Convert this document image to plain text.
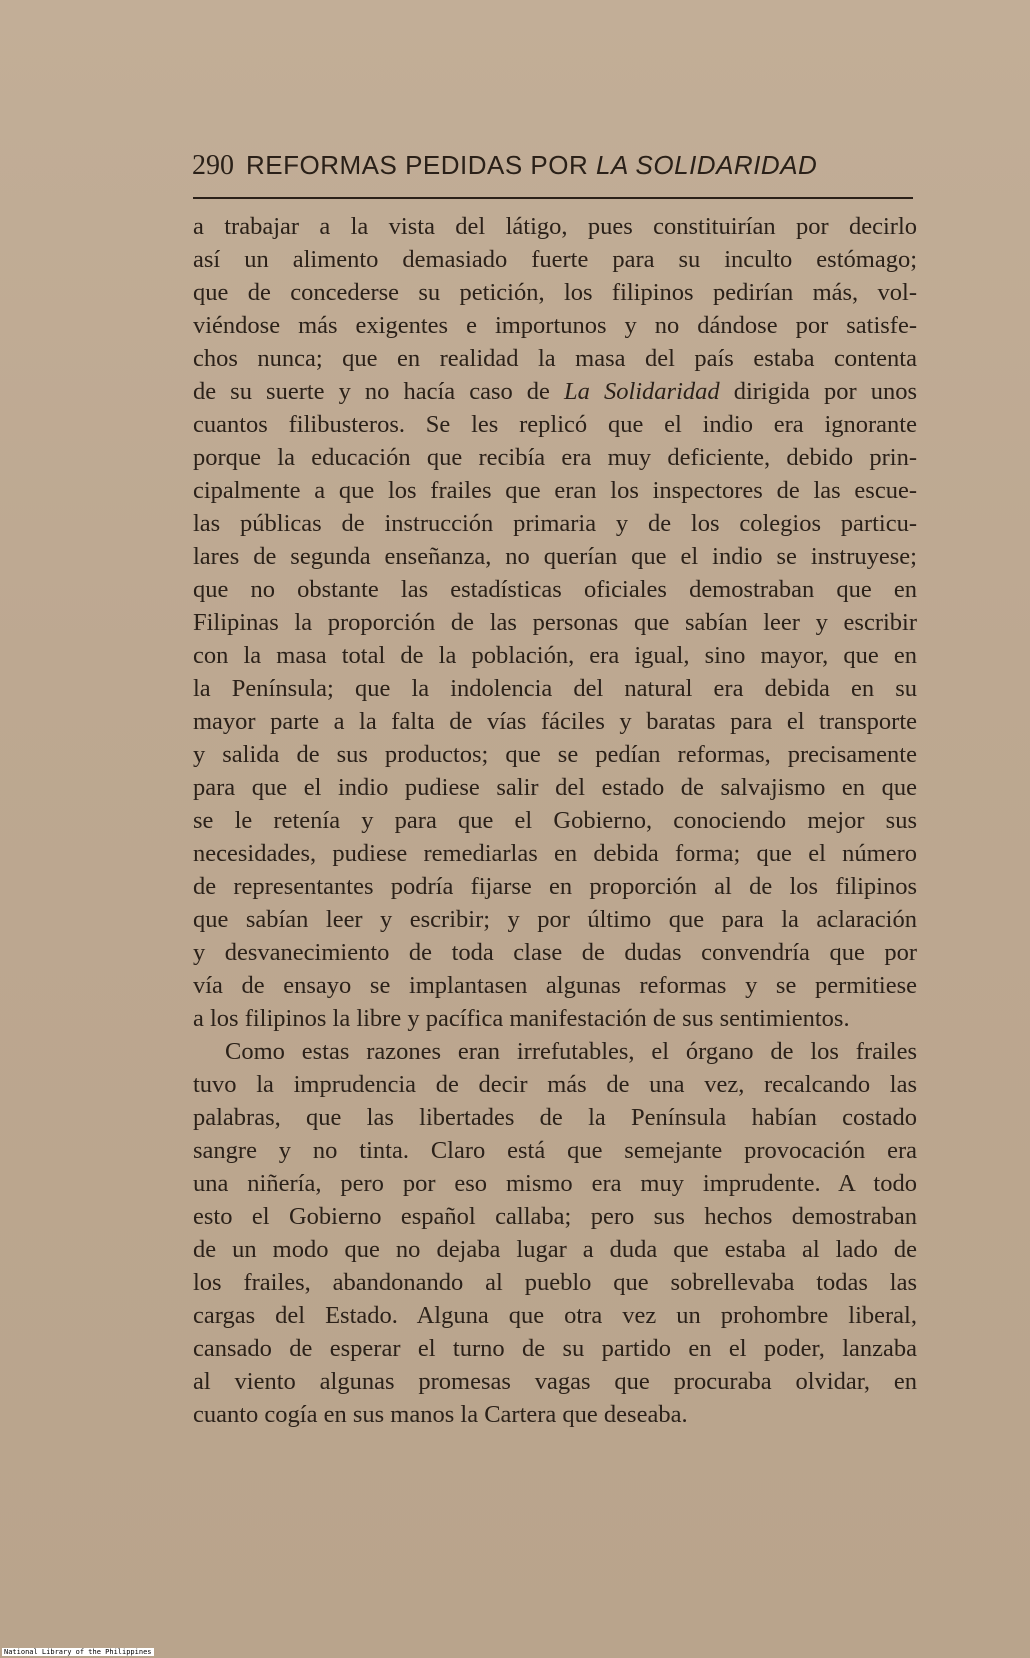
290 REFORMAS PEDIDAS POR LA SOLIDARIDAD
a trabajar a la vista del látigo, pues constituirían por decirlo
así un alimento demasiado fuerte para su inculto estómago;
que de concederse su petición, los filipinos pedirían más, vol-
viéndose más exigentes e importunos y no dándose por satisfe-
chos nunca; que en realidad la masa del país estaba contenta
de su suerte y no hacía caso de La Solidaridad dirigida por unos
cuantos filibusteros. Se les replicó que el indio era ignorante
porque la educación que recibía era muy deficiente, debido prin-
cipalmente a que los frailes que eran los inspectores de las escue-
las públicas de instrucción primaria y de los colegios particu-
lares de segunda enseñanza, no querían que el indio se instruyese;
que no obstante las estadísticas oficiales demostraban que en
Filipinas la proporción de las personas que sabían leer y escribir
con la masa total de la población, era igual, sino mayor, que en
la Península; que la indolencia del natural era debida en su
mayor parte a la falta de vías fáciles y baratas para el transporte
y salida de sus productos; que se pedían reformas, precisamente
para que el indio pudiese salir del estado de salvajismo en que
se le retenía y para que el Gobierno, conociendo mejor sus
necesidades, pudiese remediarlas en debida forma; que el número
de representantes podría fijarse en proporción al de los filipinos
que sabían leer y escribir; y por último que para la aclaración
y desvanecimiento de toda clase de dudas convendría que por
vía de ensayo se implantasen algunas reformas y se permitiese
a los filipinos la libre y pacífica manifestación de sus sentimientos.
Como estas razones eran irrefutables, el órgano de los frailes
tuvo la imprudencia de decir más de una vez, recalcando las
palabras, que las libertades de la Península habían costado
sangre y no tinta. Claro está que semejante provocación era
una niñería, pero por eso mismo era muy imprudente. A todo
esto el Gobierno español callaba; pero sus hechos demostraban
de un modo que no dejaba lugar a duda que estaba al lado de
los frailes, abandonando al pueblo que sobrellevaba todas las
cargas del Estado. Alguna que otra vez un prohombre liberal,
cansado de esperar el turno de su partido en el poder, lanzaba
al viento algunas promesas vagas que procuraba olvidar, en
cuanto cogía en sus manos la Cartera que deseaba.
National Library of the Philippines
